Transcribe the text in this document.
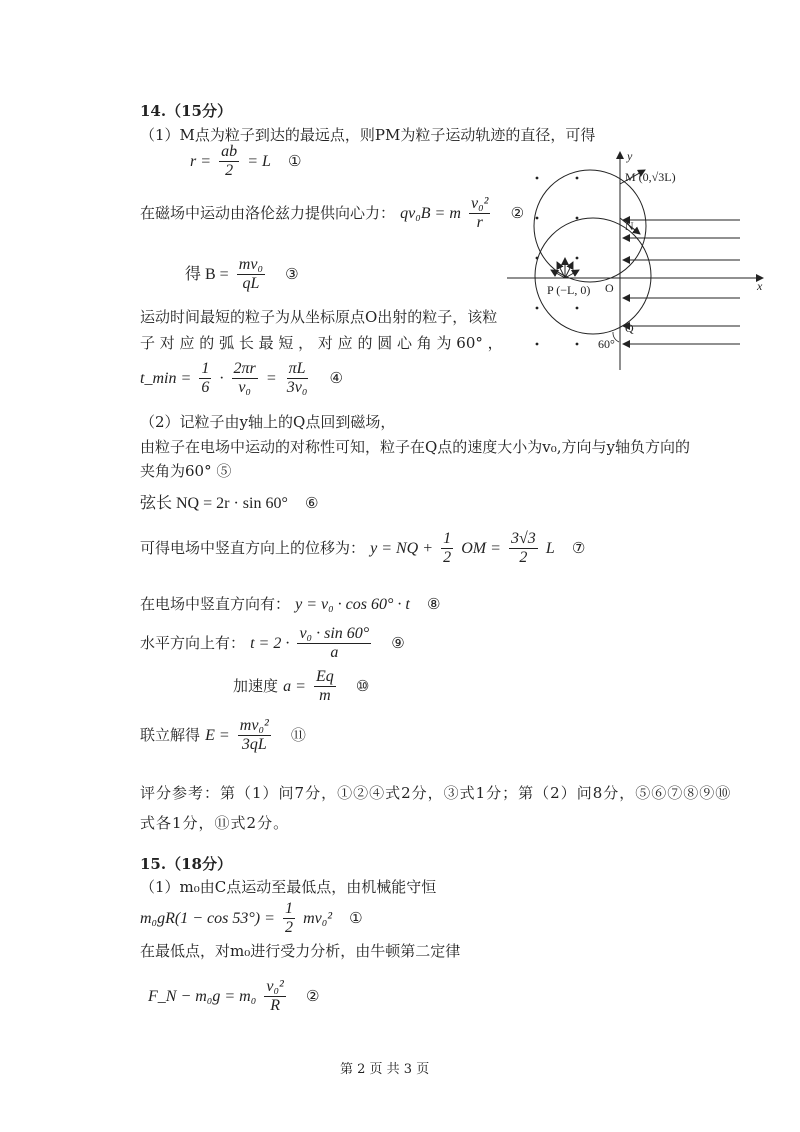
14.（15分）
（1）M点为粒子到达的最远点，则PM为粒子运动轨迹的直径，可得
$r = \frac{ab}{2} = L$ ①
在磁场中运动由洛伦兹力提供向心力： qv₀B = m $\frac{\text{v₀²}}{r}$ ②
得 $B = \frac{\text{mv₀}}{qL}$ ③
运动时间最短的粒子为从坐标原点O出射的粒子，该粒
子 对 应 的 弧 长 最 短 ， 对 应 的 圆 心 角 为 60° ，
t_min = $\frac{1}{6} \cdot \frac{2\pi r}{\text{v₀}} = \frac{\pi L}{\text{3v₀}}$ ④
（2）记粒子由y轴上的Q点回到磁场，
由粒子在电场中运动的对称性可知，粒子在Q点的速度大小为v₀,方向与y轴负方向的
夹角为60° ⑤
弦长 NQ = 2r · sin 60° ⑥
可得电场中竖直方向上的位移为： y = NQ + $\frac{1}{2}$ OM = $\frac{3√3}{2}$ L ⑦
在电场中竖直方向有： y = v₀ · cos 60° · t ⑧
水平方向上有： $t = 2 \cdot \frac{\text{v₀ · sin 60°}}{a}$ ⑨
加速度 $a = \frac{Eq}{m}$ ⑩
联立解得 $E = \frac{\text{mv₀²}}{3qL}$ ⑪
评分参考：第（1）问7分，①②④式2分，③式1分；第（2）问8分，⑤⑥⑦⑧⑨⑩
式各1分，⑪式2分。
15.（18分）
（1）m₀由C点运动至最低点，由机械能守恒
$m_0gR(1 - \cos 53^\circ) = \frac{1}{2} mv_0^2$ ①
在最低点，对m₀进行受力分析，由牛顿第二定律
F_N − $m_0g = m_0 \frac{\text{v₀²}}{R}$ ②
第 2 页 共 3 页
y
x
M (0,√3L)
N
O
P (−L, 0)
Q
60°
